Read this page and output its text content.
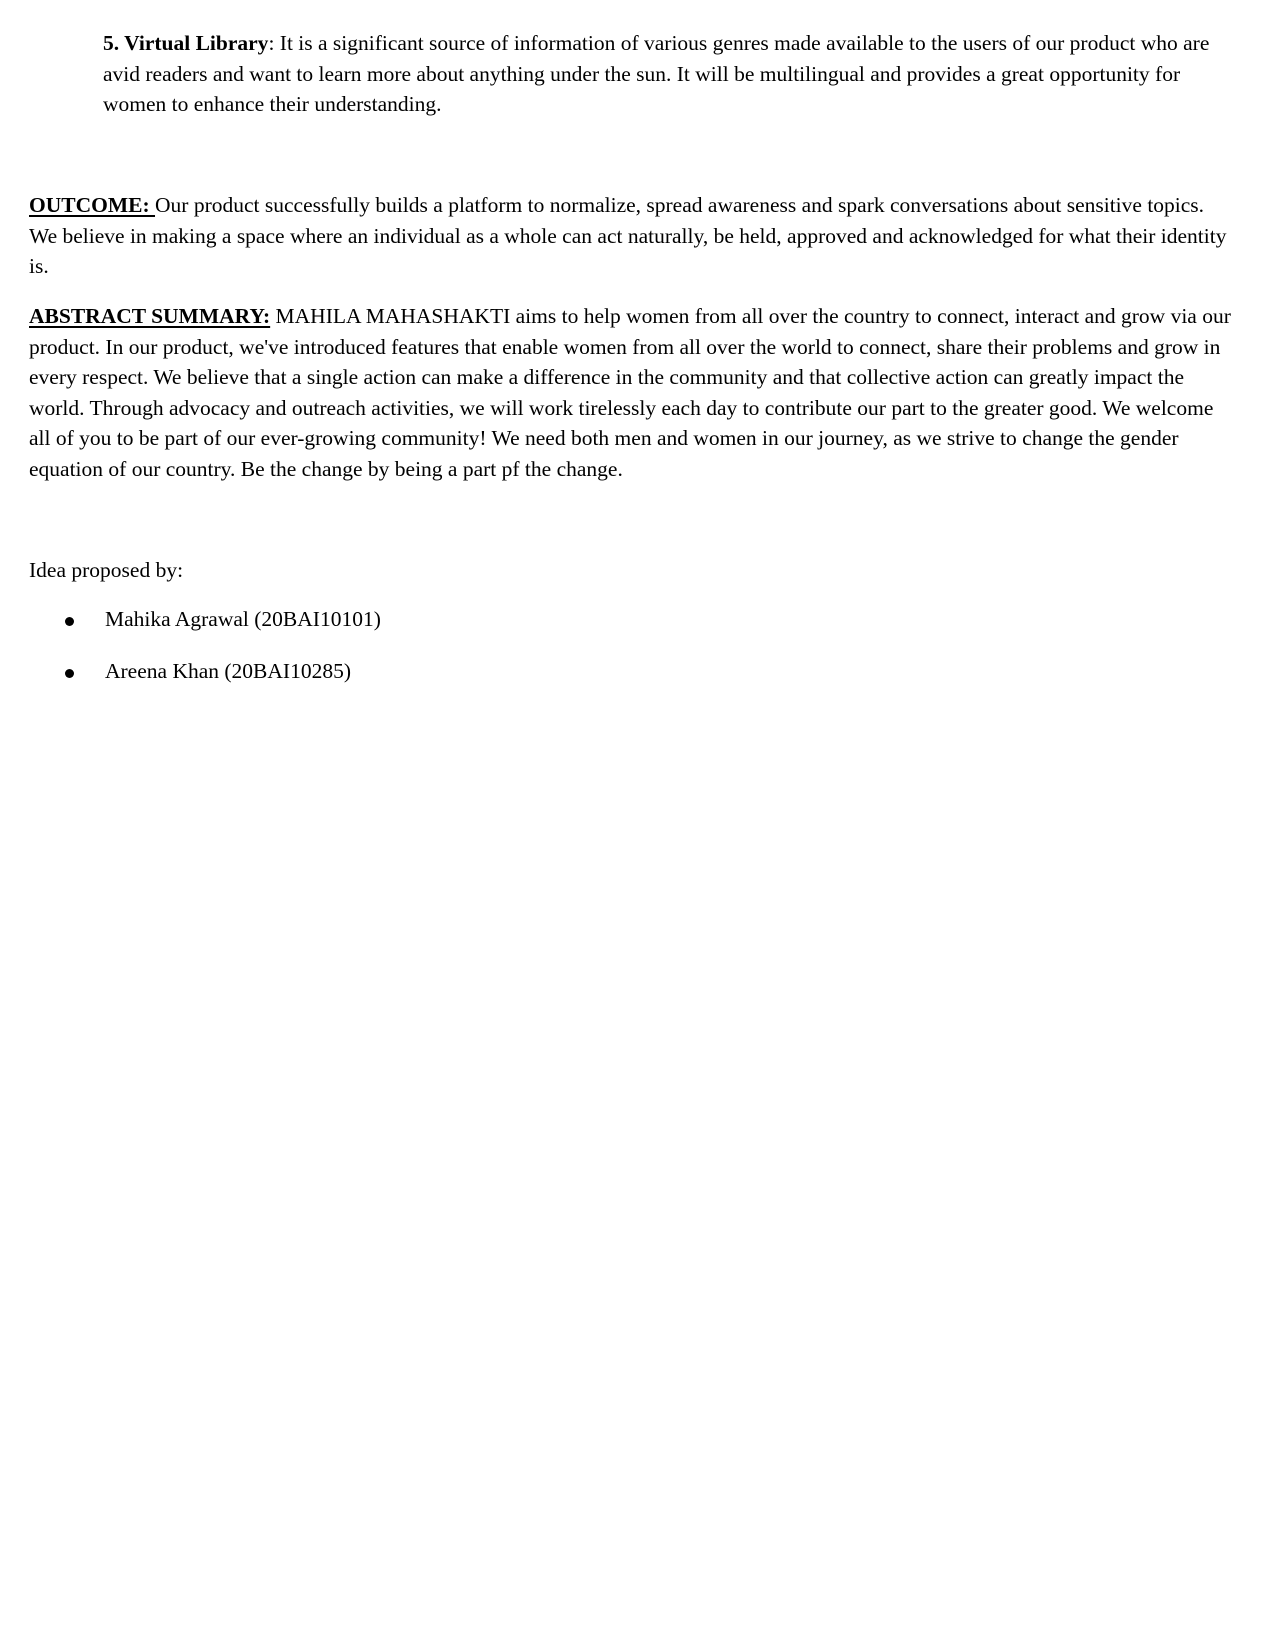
5. Virtual Library: It is a significant source of information of various genres made available to the users of our product who are avid readers and want to learn more about anything under the sun. It will be multilingual and provides a great opportunity for women to enhance their understanding.

OUTCOME: Our product successfully builds a platform to normalize, spread awareness and spark conversations about sensitive topics. We believe in making a space where an individual as a whole can act naturally, be held, approved and acknowledged for what their identity is.

ABSTRACT SUMMARY: MAHILA MAHASHAKTI aims to help women from all over the country to connect, interact and grow via our product. In our product, we've introduced features that enable women from all over the world to connect, share their problems and grow in every respect. We believe that a single action can make a difference in the community and that collective action can greatly impact the world. Through advocacy and outreach activities, we will work tirelessly each day to contribute our part to the greater good. We welcome all of you to be part of our ever-growing community! We need both men and women in our journey, as we strive to change the gender equation of our country. Be the change by being a part pf the change.

Idea proposed by:

Mahika Agrawal (20BAI10101)
Areena Khan (20BAI10285)
